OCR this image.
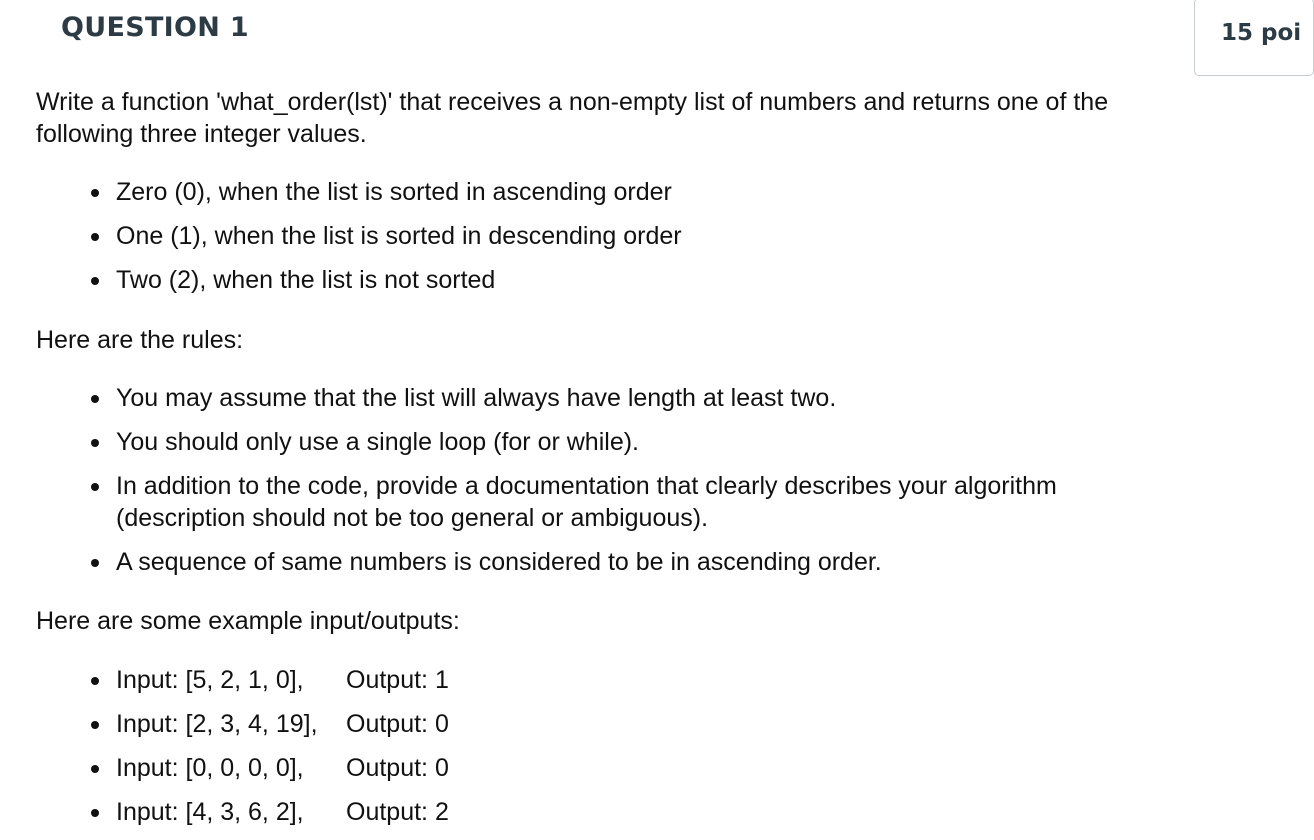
QUESTION 1	15 poi

Write a function 'what_order(lst)' that receives a non-empty list of numbers and returns one of the following three integer values.

Zero (0), when the list is sorted in ascending order
One (1), when the list is sorted in descending order
Two (2), when the list is not sorted

Here are the rules:

You may assume that the list will always have length at least two.
You should only use a single loop (for or while).
In addition to the code, provide a documentation that clearly describes your algorithm (description should not be too general or ambiguous).
A sequence of same numbers is considered to be in ascending order.

Here are some example input/outputs:

Input: [5, 2, 1, 0], Output: 1
Input: [2, 3, 4, 19], Output: 0
Input: [0, 0, 0, 0], Output: 0
Input: [4, 3, 6, 2], Output: 2
